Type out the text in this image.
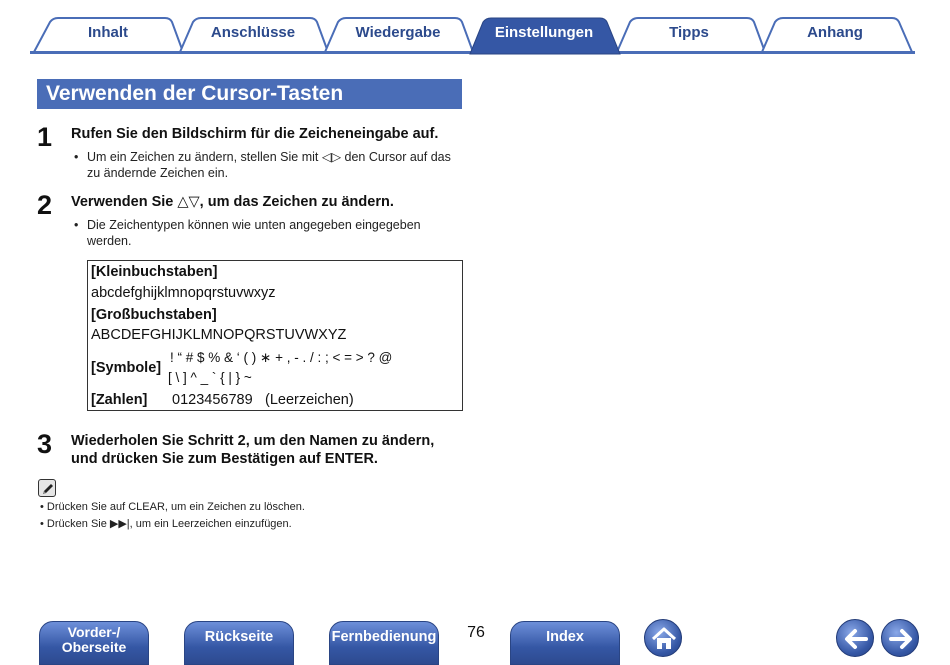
Inhalt	Anschlüsse	Wiedergabe	Einstellungen	Tipps	Anhang
Verwenden der Cursor-Tasten
1 Rufen Sie den Bildschirm für die Zeicheneingabe auf.
• Um ein Zeichen zu ändern, stellen Sie mit ◁▷ den Cursor auf das
zu ändernde Zeichen ein.
2 Verwenden Sie △▽, um das Zeichen zu ändern.
• Die Zeichentypen können wie unten angegeben eingegeben
werden.
[Kleinbuchstaben]
abcdefghijklmnopqrstuvwxyz
[Großbuchstaben]
ABCDEFGHIJKLMNOPQRSTUVWXYZ
[Symbole]
! “ # $ % & ‘ ( ) ∗ + , - . / : ; < = > ? @
[ \ ] ^ _ ` { | } ~
[Zahlen] 0123456789 (Leerzeichen)
3 Wiederholen Sie Schritt 2, um den Namen zu ändern,
und drücken Sie zum Bestätigen auf ENTER.
• Drücken Sie auf CLEAR, um ein Zeichen zu löschen.
• Drücken Sie ▶▶|, um ein Leerzeichen einzufügen.
Vorder-/
Oberseite
Rückseite	Fernbedienung	76	Index
